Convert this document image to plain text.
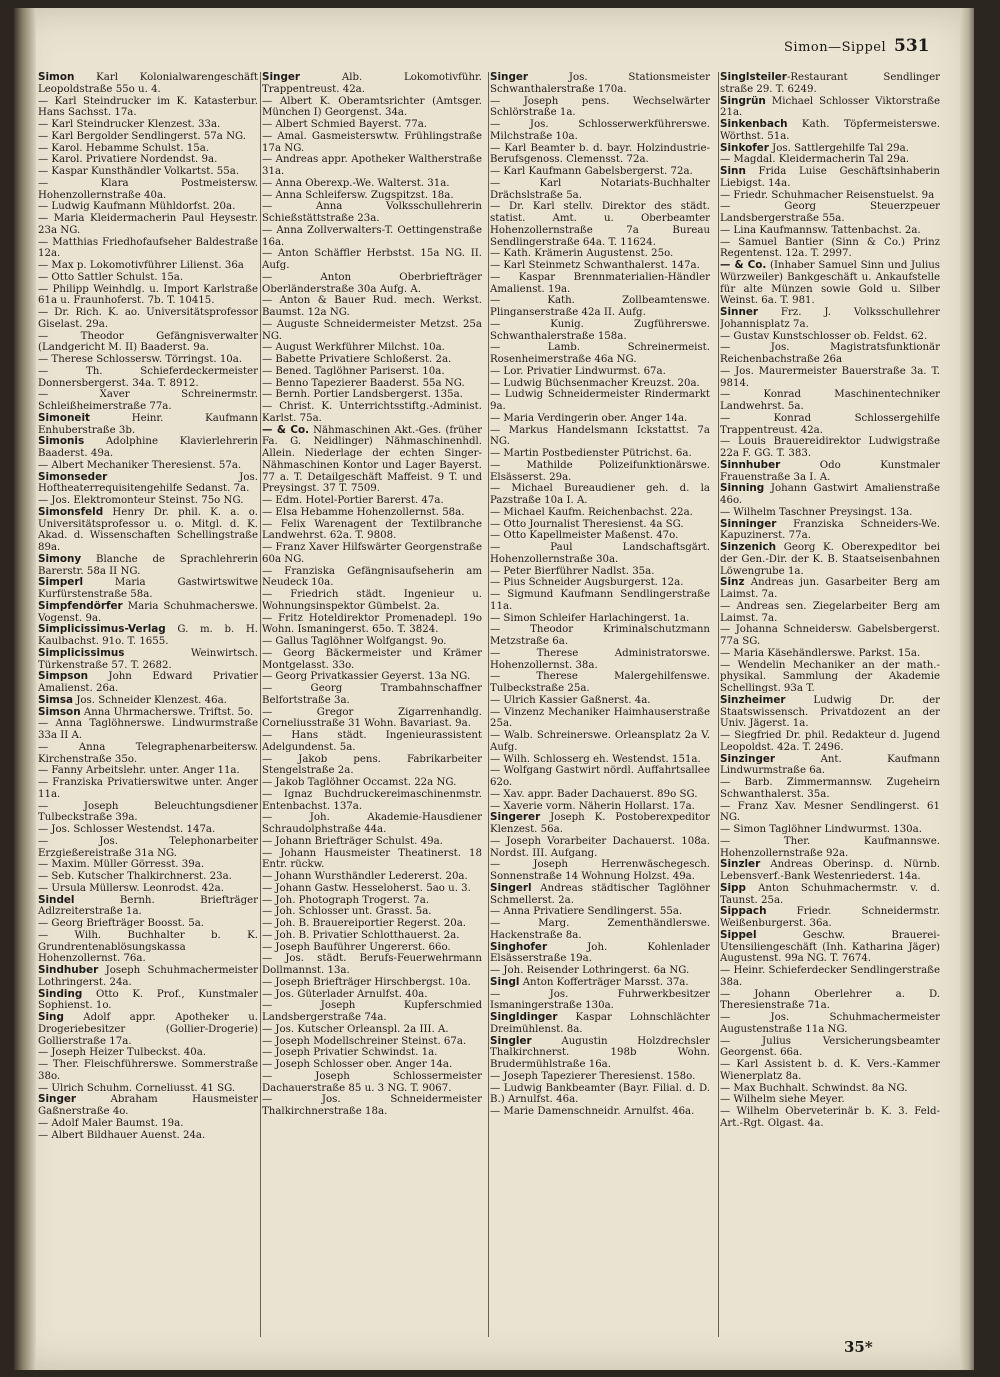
Simon—Sippel 531
Simon Karl Kolonialwarengeschäft Leopoldstraße 55o u. 4.
— Karl Steindrucker im K. Katasterbur. Hans Sachsst. 17a.
— Karl Steindrucker Klenzest. 33a.
— Karl Bergolder Sendlingerst. 57a NG.
— Karol. Hebamme Schulst. 15a.
— Karol. Privatiere Nordendst. 9a.
— Kaspar Kunsthändler Volkartst. 55a.
— Klara Postmeistersw. Hohenzollernstraße 40a.
— Ludwig Kaufmann Mühldorfst. 20a.
— Maria Kleidermacherin Paul Heysestr. 23a NG.
— Matthias Friedhofaufseher Baldestraße 12a.
— Max p. Lokomotivführer Lilienst. 36a
— Otto Sattler Schulst. 15a.
— Philipp Weinhdlg. u. Import Karlstraße 61a u. Fraunhoferst. 7b. T. 10415.
— Dr. Rich. K. ao. Universitätsprofessor Giselast. 29a.
— Theodor Gefängnisverwalter (Landgericht M. II) Baaderst. 9a.
— Therese Schlossersw. Törringst. 10a.
— Th. Schieferdeckermeister Donnersbergerst. 34a. T. 8912.
— Xaver Schreinermstr. Schleißheimerstraße 77a.
Simoneit Heinr. Kaufmann Enhuberstraße 3b.
Simonis Adolphine Klavierlehrerin Baaderst. 49a.
— Albert Mechaniker Theresienst. 57a.
Simonseder Jos. Hoftheaterrequisitengehilfe Sedanst. 7a.
— Jos. Elektromonteur Steinst. 75o NG.
Simonsfeld Henry Dr. phil. K. a. o. Universitätsprofessor u. o. Mitgl. d. K. Akad. d. Wissenschaften Schellingstraße 89a.
Simony Blanche de Sprachlehrerin Barerstr. 58a II NG.
Simperl Maria Gastwirtswitwe Kurfürstenstraße 58a.
Simpfendörfer Maria Schuhmacherswe. Vogenst. 9a.
Simplicissimus-Verlag G. m. b. H. Kaulbachst. 91o. T. 1655.
Simplicissimus Weinwirtsch. Türkenstraße 57. T. 2682.
Simpson John Edward Privatier Amalienst. 26a.
Simsa Jos. Schneider Klenzest. 46a.
Simson Anna Uhrmacherswe. Triftst. 5o.
— Anna Taglöhnerswe. Lindwurmstraße 33a II A.
— Anna Telegraphenarbeitersw. Kirchenstraße 35o.
— Fanny Arbeitslehr. unter. Anger 11a.
— Franziska Privatierswitwe unter. Anger 11a.
— Joseph Beleuchtungsdiener Tulbeckstraße 39a.
— Jos. Schlosser Westendst. 147a.
— Jos. Telephonarbeiter Erzgießereistraße 31a NG.
— Maxim. Müller Görresst. 39a.
— Seb. Kutscher Thalkirchnerst. 23a.
— Ursula Müllersw. Leonrodst. 42a.
Sindel Bernh. Briefträger Adlzreiterstraße 1a.
— Georg Briefträger Boosst. 5a.
— Wilh. Buchhalter b. K. Grundrentenablösungskassa Hohenzollernst. 76a.
Sindhuber Joseph Schuhmachermeister Lothringerst. 24a.
Sinding Otto K. Prof., Kunstmaler Sophienst. 1o.
Sing Adolf appr. Apotheker u. Drogeriebesitzer (Gollier-Drogerie) Gollierstraße 17a.
— Joseph Heizer Tulbeckst. 40a.
— Ther. Fleischführerswe. Sommerstraße 38o.
— Ulrich Schuhm. Corneliusst. 41 SG.
Singer Abraham Hausmeister Gaßnerstraße 4o.
— Adolf Maler Baumst. 19a.
— Albert Bildhauer Auenst. 24a.
Singer Alb. Lokomotivführ. Trappentreust. 42a.
— Albert K. Oberamtsrichter (Amtsger. München I) Georgenst. 34a.
— Albert Schmied Bayerst. 77a.
— Amal. Gasmeisterswtw. Frühlingstraße 17a NG.
— Andreas appr. Apotheker Waltherstraße 31a.
— Anna Oberexp.-We. Walterst. 31a.
— Anna Schleifersw. Zugspitzst. 18a.
— Anna Volksschullehrerin Schießstättstraße 23a.
— Anna Zollverwalters-T. Oettingenstraße 16a.
— Anton Schäffler Herbstst. 15a NG. II. Aufg.
— Anton Oberbriefträger Oberländerstraße 30a Aufg. A.
— Anton & Bauer Rud. mech. Werkst. Baumst. 12a NG.
— Auguste Schneidermeister Metzst. 25a NG.
— August Werkführer Milchst. 10a.
— Babette Privatiere Schloßerst. 2a.
— Bened. Taglöhner Pariserst. 10a.
— Benno Tapezierer Baaderst. 55a NG.
— Bernh. Portier Landsbergerst. 135a.
— Christ. K. Unterrichtsstiftg.-Administ. Karlst. 75a.
— & Co. Nähmaschinen Akt.-Ges. (früher Fa. G. Neidlinger) Nähmaschinenhdl. Allein. Niederlage der echten Singer-Nähmaschinen Kontor und Lager Bayerst. 77 a. T. Detailgeschäft Maffeist. 9 T. und Preysingst. 37 T. 7509.
— Edm. Hotel-Portier Barerst. 47a.
— Elsa Hebamme Hohenzollernst. 58a.
— Felix Warenagent der Textilbranche Landwehrst. 62a. T. 9808.
— Franz Xaver Hilfswärter Georgenstraße 60a NG.
— Franziska Gefängnisaufseherin am Neudeck 10a.
— Friedrich städt. Ingenieur u. Wohnungsinspektor Gümbelst. 2a.
— Fritz Hoteldirektor Promenadepl. 19o Wohn. Ismaningerst. 65o. T. 3824.
— Gallus Taglöhner Wolfgangst. 9o.
— Georg Bäckermeister und Krämer Montgelasst. 33o.
— Georg Privatkassier Geyerst. 13a NG.
— Georg Trambahnschaffner Belfortstraße 3a.
— Gregor Zigarrenhandlg. Corneliusstraße 31 Wohn. Bavariast. 9a.
— Hans städt. Ingenieurassistent Adelgundenst. 5a.
— Jakob pens. Fabrikarbeiter Stengelstraße 2a.
— Jakob Taglöhner Occamst. 22a NG.
— Ignaz Buchdruckereimaschinenmstr. Entenbachst. 137a.
— Joh. Akademie-Hausdiener Schraudolphstraße 44a.
— Johann Briefträger Schulst. 49a.
— Johann Hausmeister Theatinerst. 18 Entr. rückw.
— Johann Wursthändler Ledererst. 20a.
— Johann Gastw. Hesseloherst. 5ao u. 3.
— Joh. Photograph Trogerst. 7a.
— Joh. Schlosser unt. Grasst. 5a.
— Joh. B. Brauereiportier Regerst. 20a.
— Joh. B. Privatier Schlotthauerst. 2a.
— Joseph Bauführer Ungererst. 66o.
— Jos. städt. Berufs-Feuerwehrmann Dollmannst. 13a.
— Joseph Briefträger Hirschbergst. 10a.
— Jos. Güterlader Arnulfst. 40a.
— Joseph Kupferschmied Landsbergerstraße 74a.
— Jos. Kutscher Orleanspl. 2a III. A.
— Joseph Modellschreiner Steinst. 67a.
— Joseph Privatier Schwindst. 1a.
— Joseph Schlosser ober. Anger 14a.
— Joseph Schlossermeister Dachauerstraße 85 u. 3 NG. T. 9067.
— Jos. Schneidermeister Thalkirchnerstraße 18a.
Singer Jos. Stationsmeister Schwanthalerstraße 170a.
— Joseph pens. Wechselwärter Schlörstraße 1a.
— Jos. Schlosserwerkführerswe. Milchstraße 10a.
— Karl Beamter b. d. bayr. Holzindustrie-Berufsgenoss. Clemensst. 72a.
— Karl Kaufmann Gabelsbergerst. 72a.
— Karl Notariats-Buchhalter Drächslstraße 5a.
— Dr. Karl stellv. Direktor des städt. statist. Amt. u. Oberbeamter Hohenzollernstraße 7a Bureau Sendlingerstraße 64a. T. 11624.
— Kath. Krämerin Augustenst. 25o.
— Karl Steinmetz Schwanthalerst. 147a.
— Kaspar Brennmaterialien-Händler Amalienst. 19a.
— Kath. Zollbeamtenswe. Plinganserstraße 42a II. Aufg.
— Kunig. Zugführerswe. Schwanthalerstraße 158a.
— Lamb. Schreinermeist. Rosenheimerstraße 46a NG.
— Lor. Privatier Lindwurmst. 67a.
— Ludwig Büchsenmacher Kreuzst. 20a.
— Ludwig Schneidermeister Rindermarkt 9a.
— Maria Verdingerin ober. Anger 14a.
— Markus Handelsmann Ickstattst. 7a NG.
— Martin Postbedienster Pütrichst. 6a.
— Mathilde Polizeifunktionärswe. Elsässerst. 29a.
— Michael Bureaudiener geh. d. la Pazstraße 10a I. A.
— Michael Kaufm. Reichenbachst. 22a.
— Otto Journalist Theresienst. 4a SG.
— Otto Kapellmeister Maßenst. 47o.
— Paul Landschaftsgärt. Hohenzollernstraße 30a.
— Peter Bierführer Nadlst. 35a.
— Pius Schneider Augsburgerst. 12a.
— Sigmund Kaufmann Sendlingerstraße 11a.
— Simon Schleifer Harlachingerst. 1a.
— Theodor Kriminalschutzmann Metzstraße 6a.
— Therese Administratorswe. Hohenzollernst. 38a.
— Therese Malergehilfenswe. Tulbeckstraße 25a.
— Ulrich Kassier Gaßnerst. 4a.
— Vinzenz Mechaniker Haimhauserstraße 25a.
— Walb. Schreinerswe. Orleansplatz 2a V. Aufg.
— Wilh. Schlosserg eh. Westendst. 151a.
— Wolfgang Gastwirt nördl. Auffahrtsallee 62o.
— Xav. appr. Bader Dachauerst. 89o SG.
— Xaverie vorm. Näherin Hollarst. 17a.
Singerer Joseph K. Postoberexpeditor Klenzest. 56a.
— Joseph Vorarbeiter Dachauerst. 108a. Nordst. III. Aufgang.
— Joseph Herrenwäschegesch. Sonnenstraße 14 Wohnung Holzst. 49a.
Singerl Andreas städtischer Taglöhner Schmellerst. 2a.
— Anna Privatiere Sendlingerst. 55a.
— Marg. Zementhändlerswe. Hackenstraße 8a.
Singhofer Joh. Kohlenlader Elsässerstraße 19a.
— Joh. Reisender Lothringerst. 6a NG.
Singl Anton Kofferträger Marsst. 37a.
— Jos. Fuhrwerkbesitzer Ismaningerstraße 130a.
Singldinger Kaspar Lohnschlächter Dreimühlenst. 8a.
Singler Augustin Holzdrechsler Thalkirchnerst. 198b Wohn. Brudermühlstraße 16a.
— Joseph Tapezierer Theresienst. 158o.
— Ludwig Bankbeamter (Bayr. Filial. d. D. B.) Arnulfst. 46a.
— Marie Damenschneidr. Arnulfst. 46a.
Singlsteiler-Restaurant Sendlinger straße 29. T. 6249.
Singrün Michael Schlosser Viktorstraße 21a.
Sinkenbach Kath. Töpfermeisterswe. Wörthst. 51a.
Sinkofer Jos. Sattlergehilfe Tal 29a.
— Magdal. Kleidermacherin Tal 29a.
Sinn Frida Luise Geschäftsinhaberin Liebigst. 14a.
— Friedr. Schuhmacher Reisenstuelst. 9a
— Georg Steuerzpeuer Landsbergerstraße 55a.
— Lina Kaufmannsw. Tattenbachst. 2a.
— Samuel Bantier (Sinn & Co.) Prinz Regentenst. 12a. T. 2997.
— & Co. (Inhaber Samuel Sinn und Julius Würzweiler) Bankgeschäft u. Ankaufstelle für alte Münzen sowie Gold u. Silber Weinst. 6a. T. 981.
Sinner Frz. J. Volksschullehrer Johannisplatz 7a.
— Gustav Kunstschlosser ob. Feldst. 62.
— Jos. Magistratsfunktionär Reichenbachstraße 26a
— Jos. Maurermeister Bauerstraße 3a. T. 9814.
— Konrad Maschinentechniker Landwehrst. 5a.
— Konrad Schlossergehilfe Trappentreust. 42a.
— Louis Brauereidirektor Ludwigstraße 22a F. GG. T. 383.
Sinnhuber Odo Kunstmaler Frauenstraße 3a I. A.
Sinning Johann Gastwirt Amalienstraße 46o.
— Wilhelm Taschner Preysingst. 13a.
Sinninger Franziska Schneiders-We. Kapuzinerst. 77a.
Sinzenich Georg K. Oberexpeditor bei der Gen.-Dir. der K. B. Staatseisenbahnen Löwengrube 1a.
Sinz Andreas jun. Gasarbeiter Berg am Laimst. 7a.
— Andreas sen. Ziegelarbeiter Berg am Laimst. 7a.
— Johanna Schneidersw. Gabelsbergerst. 77a SG.
— Maria Käsehändlerswe. Parkst. 15a.
— Wendelin Mechaniker an der math.-physikal. Sammlung der Akademie Schellingst. 93a T.
Sinzheimer Ludwig Dr. der Staatswissensch. Privatdozent an der Univ. Jägerst. 1a.
— Siegfried Dr. phil. Redakteur d. Jugend Leopoldst. 42a. T. 2496.
Sinzinger Ant. Kaufmann Lindwurmstraße 6a.
— Barb. Zimmermannsw. Zugeheirn Schwanthalerst. 35a.
— Franz Xav. Mesner Sendlingerst. 61 NG.
— Simon Taglöhner Lindwurmst. 130a.
— Ther. Kaufmannswe. Hohenzollernstraße 92a.
Sinzler Andreas Oberinsp. d. Nürnb. Lebensverf.-Bank Westenriederst. 14a.
Sipp Anton Schuhmachermstr. v. d. Taunst. 25a.
Sippach Friedr. Schneidermstr. Weißenburgerst. 36a.
Sippel Geschw. Brauerei-Utensiliengeschäft (Inh. Katharina Jäger) Augustenst. 99a NG. T. 7674.
— Heinr. Schieferdecker Sendlingerstraße 38a.
— Johann Oberlehrer a. D. Theresienstraße 71a.
— Jos. Schuhmachermeister Augustenstraße 11a NG.
— Julius Versicherungsbeamter Georgenst. 66a.
— Karl Assistent b. d. K. Vers.-Kammer Wienerplatz 8a.
— Max Buchhalt. Schwindst. 8a NG.
— Wilhelm siehe Meyer.
— Wilhelm Oberveterinär b. K. 3. Feld-Art.-Rgt. Olgast. 4a.
35*
